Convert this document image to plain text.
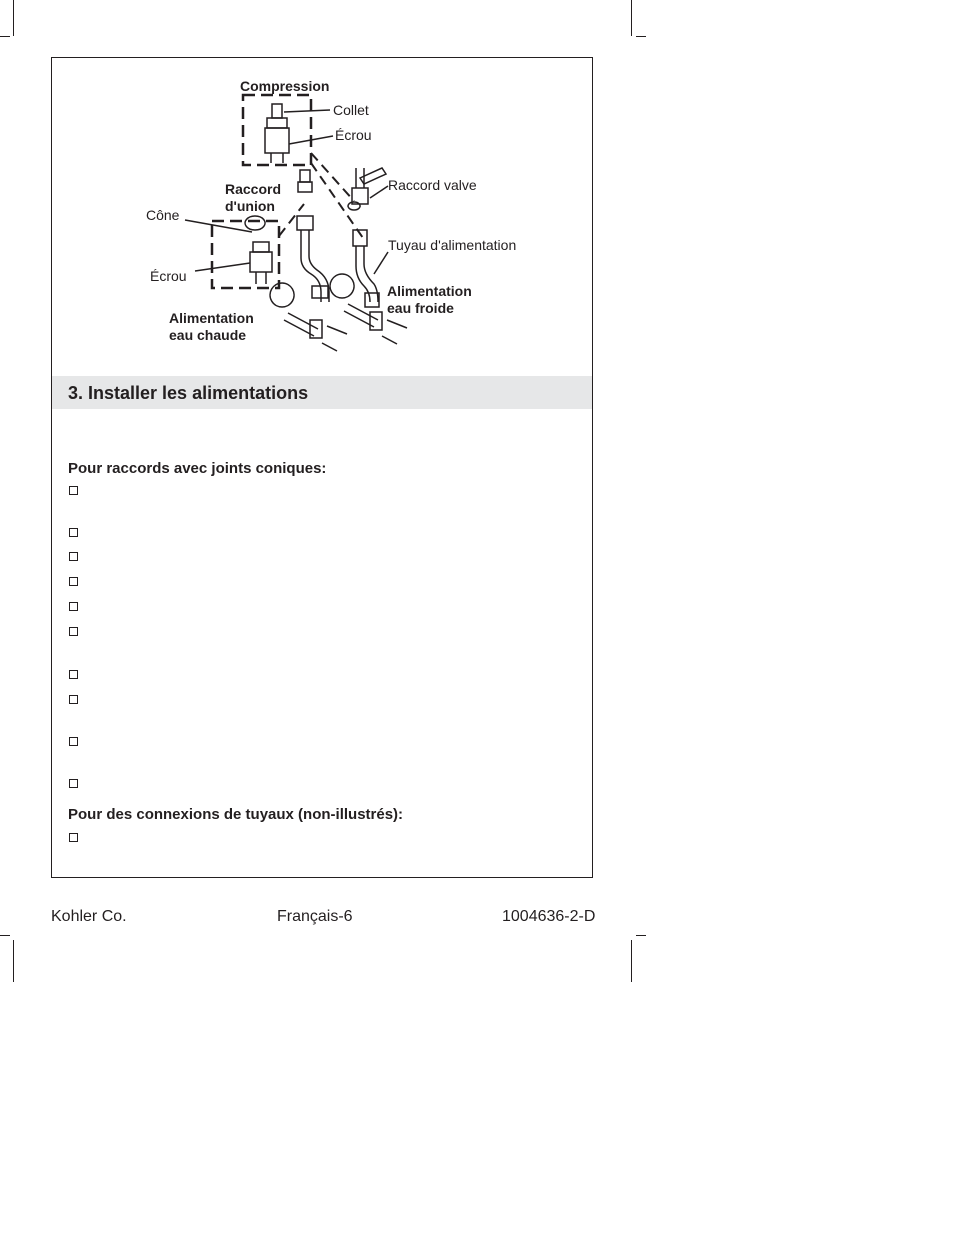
Compression
Collet
Écrou
Raccord valve
Raccord
d'union
Cône
Tuyau d'alimentation
Écrou
Alimentation
eau froide
Alimentation
eau chaude
3. Installer les alimentations
Pour raccords avec joints coniques:
Pour des connexions de tuyaux (non-illustrés):
Kohler Co.	Français-6	1004636-2-D
